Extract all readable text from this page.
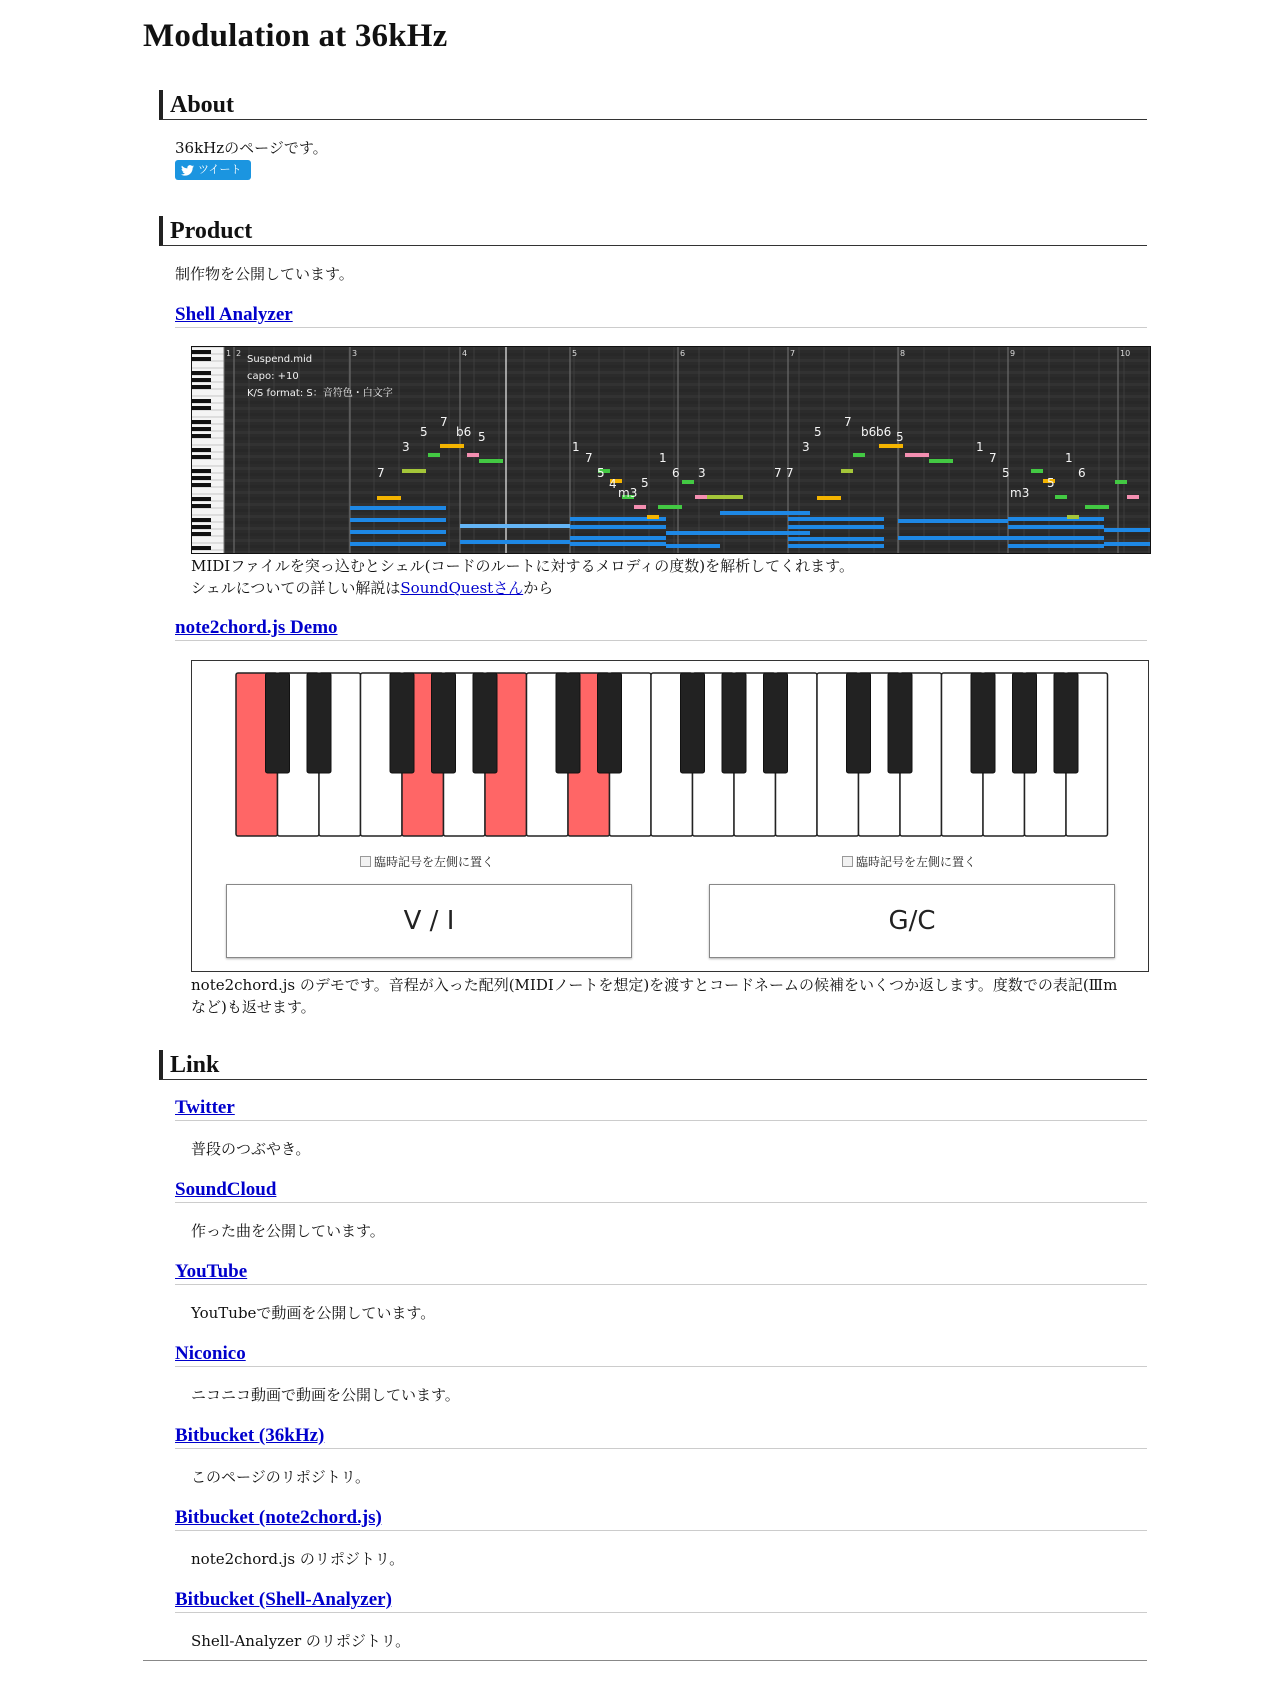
Modulation at 36kHz
About
36kHzのページです。
ツイート
Product
制作物を公開しています。
Shell Analyzer
1 2	3	4	5	6	7	8	9	10
Suspend.mid
capo: +10
K/S format: S：音符色・白文字
7
3
5
7
b6 5
1
7
5
4
m3
5
1
6 3	7 7
3
5
7
b6 b6 5
1
7
5
m3
5
1
6
MIDIファイルを突っ込むとシェル(コードのルートに対するメロディの度数)を解析してくれます。
シェルについての詳しい解説はSoundQuestさんから
note2chord.js Demo
臨時記号を左側に置く	臨時記号を左側に置く
V / I	G/C
note2chord.js のデモです。音程が入った配列(MIDIノートを想定)を渡すとコードネームの候補をいくつか返します。度数での表記(Ⅲm
など)も返せます。
Link
Twitter
普段のつぶやき。
SoundCloud
作った曲を公開しています。
YouTube
YouTubeで動画を公開しています。
Niconico
ニコニコ動画で動画を公開しています。
Bitbucket (36kHz)
このページのリポジトリ。
Bitbucket (note2chord.js)
note2chord.js のリポジトリ。
Bitbucket (Shell-Analyzer)
Shell-Analyzer のリポジトリ。
